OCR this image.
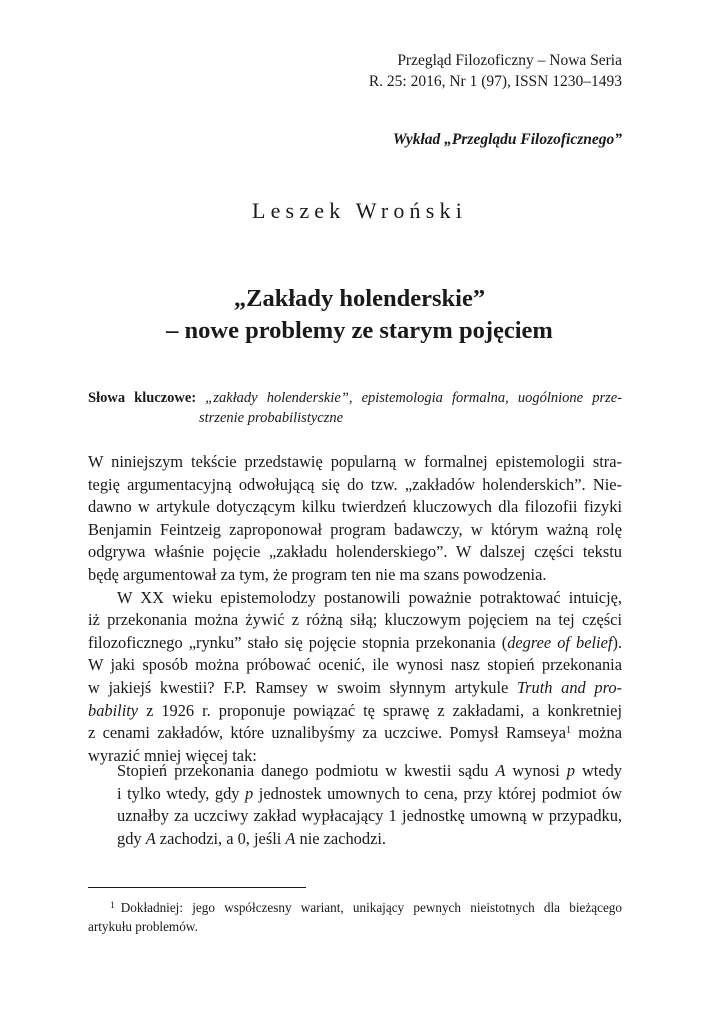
Przegląd Filozoficzny – Nowa Seria
R. 25: 2016, Nr 1 (97), ISSN 1230–1493
Wykład „Przeglądu Filozoficznego”
Leszek Wroński
„Zakłady holenderskie”
– nowe problemy ze starym pojęciem
Słowa kluczowe: „zakłady holenderskie”, epistemologia formalna, uogólnione prze-
strzenie probabilistyczne
W niniejszym tekście przedstawię popularną w formalnej epistemologii stra-
tegię argumentacyjną odwołującą się do tzw. „zakładów holenderskich”. Nie-
dawno w artykule dotyczącym kilku twierdzeń kluczowych dla filozofii fizyki
Benjamin Feintzeig zaproponował program badawczy, w którym ważną rolę
odgrywa właśnie pojęcie „zakładu holenderskiego”. W dalszej części tekstu
będę argumentował za tym, że program ten nie ma szans powodzenia.
W XX wieku epistemolodzy postanowili poważnie potraktować intuicję,
iż przekonania można żywić z różną siłą; kluczowym pojęciem na tej części
filozoficznego „rynku” stało się pojęcie stopnia przekonania (degree of belief).
W jaki sposób można próbować ocenić, ile wynosi nasz stopień przekonania
w jakiejś kwestii? F.P. Ramsey w swoim słynnym artykule Truth and pro-
bability z 1926 r. proponuje powiązać tę sprawę z zakładami, a konkretniej
z cenami zakładów, które uznalibyśmy za uczciwe. Pomysł Ramseya$^1$ można
wyrazić mniej więcej tak:
Stopień przekonania danego podmiotu w kwestii sądu A wynosi p wtedy
i tylko wtedy, gdy p jednostek umownych to cena, przy której podmiot ów
uznałby za uczciwy zakład wypłacający 1 jednostkę umowną w przypadku,
gdy A zachodzi, a 0, jeśli A nie zachodzi.
$^1$ Dokładniej: jego współczesny wariant, unikający pewnych nieistotnych dla bieżącego
artykułu problemów.
